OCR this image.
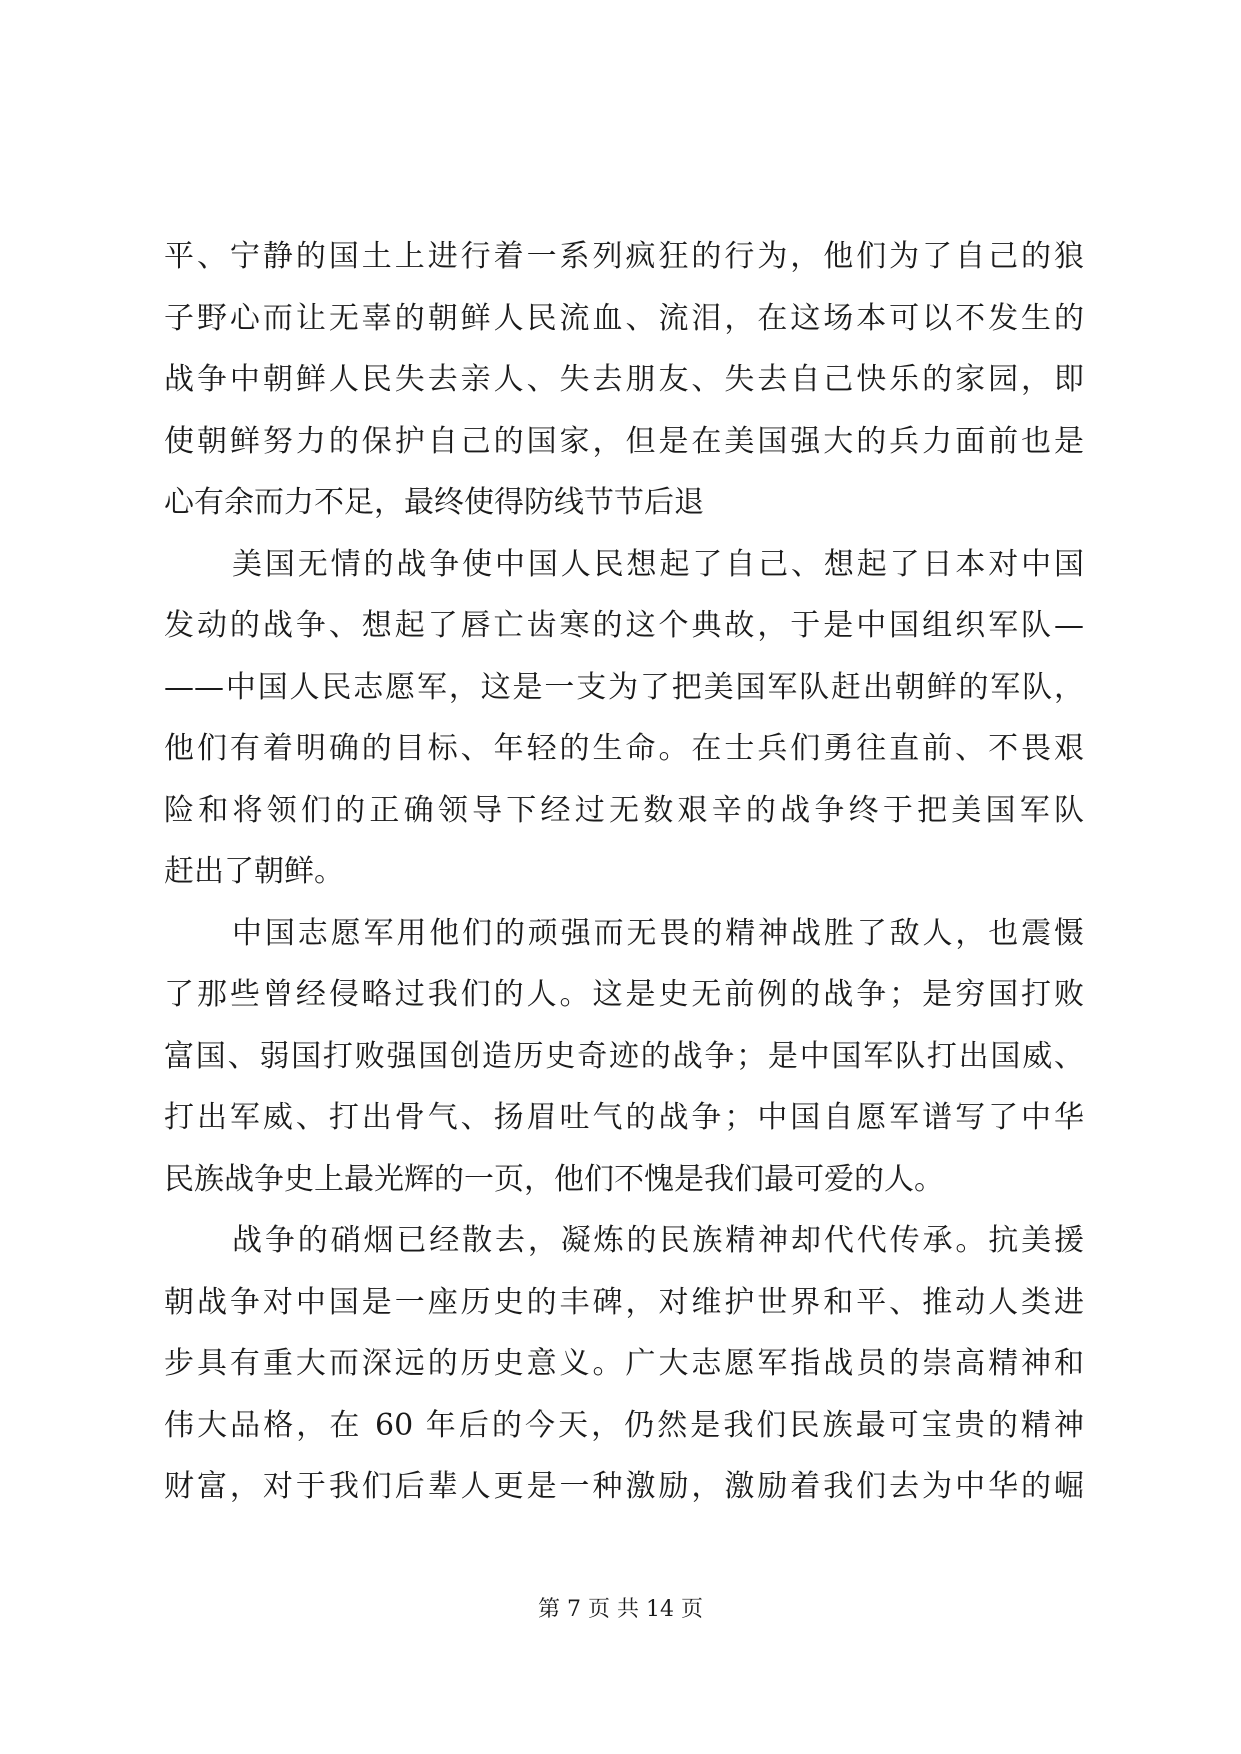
平、宁静的国土上进行着一系列疯狂的行为，他们为了自己的狼
子野心而让无辜的朝鲜人民流血、流泪，在这场本可以不发生的
战争中朝鲜人民失去亲人、失去朋友、失去自己快乐的家园，即
使朝鲜努力的保护自己的国家，但是在美国强大的兵力面前也是
心有余而力不足，最终使得防线节节后退
美国无情的战争使中国人民想起了自己、想起了日本对中国
发动的战争、想起了唇亡齿寒的这个典故，于是中国组织军队—
——中国人民志愿军，这是一支为了把美国军队赶出朝鲜的军队，
他们有着明确的目标、年轻的生命。在士兵们勇往直前、不畏艰
险和将领们的正确领导下经过无数艰辛的战争终于把美国军队
赶出了朝鲜。
中国志愿军用他们的顽强而无畏的精神战胜了敌人，也震慑
了那些曾经侵略过我们的人。这是史无前例的战争；是穷国打败
富国、弱国打败强国创造历史奇迹的战争；是中国军队打出国威、
打出军威、打出骨气、扬眉吐气的战争；中国自愿军谱写了中华
民族战争史上最光辉的一页，他们不愧是我们最可爱的人。
战争的硝烟已经散去，凝炼的民族精神却代代传承。抗美援
朝战争对中国是一座历史的丰碑，对维护世界和平、推动人类进
步具有重大而深远的历史意义。广大志愿军指战员的崇高精神和
伟大品格，在 60 年后的今天，仍然是我们民族最可宝贵的精神
财富，对于我们后辈人更是一种激励，激励着我们去为中华的崛
第 7 页 共 14 页
